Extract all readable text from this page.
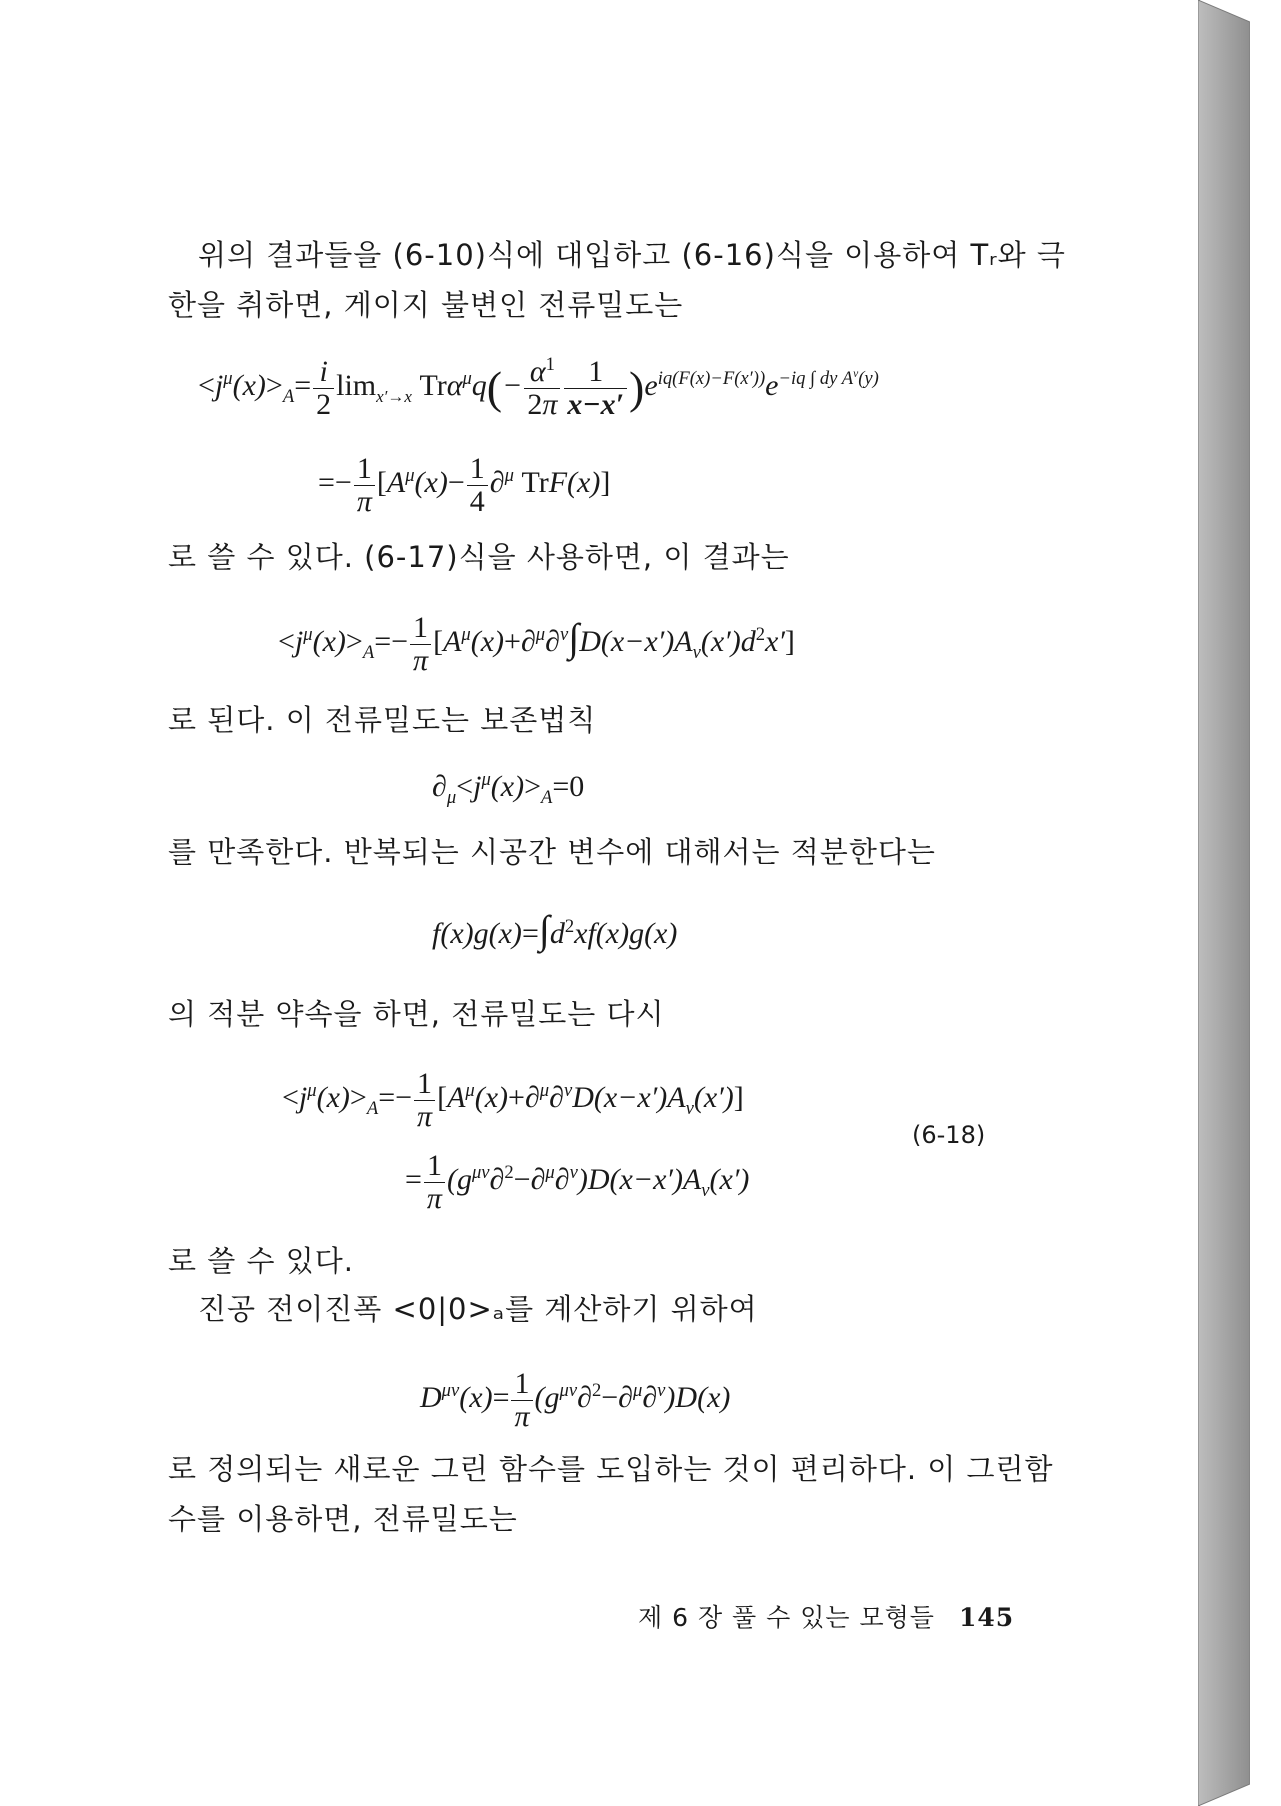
위의 결과들을 (6-10)식에 대입하고 (6-16)식을 이용하여 Tᵣ와 극
한을 취하면, 게이지 불변인 전류밀도는
$<j^\mu(x)>_A= \frac{i}{2} \lim_{x'\to x} Tr\alpha^\mu q(- \frac{\alpha^1}{2\pi} \frac{1}{x-x'} )e^{iq(F(x)-F(x'))}e^{-iq \int dy A^\nu(y)}$
=− $\frac{1}{\pi} [A^\mu(x)- \frac{1}{4} \partial^\mu$ TrF(x)]
로 쓸 수 있다. (6-17)식을 사용하면, 이 결과는
$<j^\mu(x)>_A=- \frac{1}{\pi} [A^\mu(x)+\partial^\mu\partial^\nu\int D(x-x')A_\nu(x')d^2x']$
로 된다. 이 전류밀도는 보존법칙
$\partial_\mu<j^\mu(x)>_A=0$
를 만족한다. 반복되는 시공간 변수에 대해서는 적분한다는
$f(x)g(x)=\int d^2xf(x)g(x)$
의 적분 약속을 하면, 전류밀도는 다시
$<j^\mu(x)>_A=- \frac{1}{\pi} [A^\mu(x)+\partial^\mu\partial^\nu D(x-x')A_\nu(x')]$
= $\frac{1}{\pi} (g^{\mu\nu}\partial^2-\partial^\mu\partial^\nu)D(x-x')A_\nu(x')$
(6-18)
로 쓸 수 있다.
진공 전이진폭 <0|0>ₐ를 계산하기 위하여
$D^{\mu\nu}(x)= \frac{1}{\pi} (g^{\mu\nu}\partial^2-\partial^\mu\partial^\nu)D(x)$
로 정의되는 새로운 그린 함수를 도입하는 것이 편리하다. 이 그린함
수를 이용하면, 전류밀도는
제 6 장 풀 수 있는 모형들 145
